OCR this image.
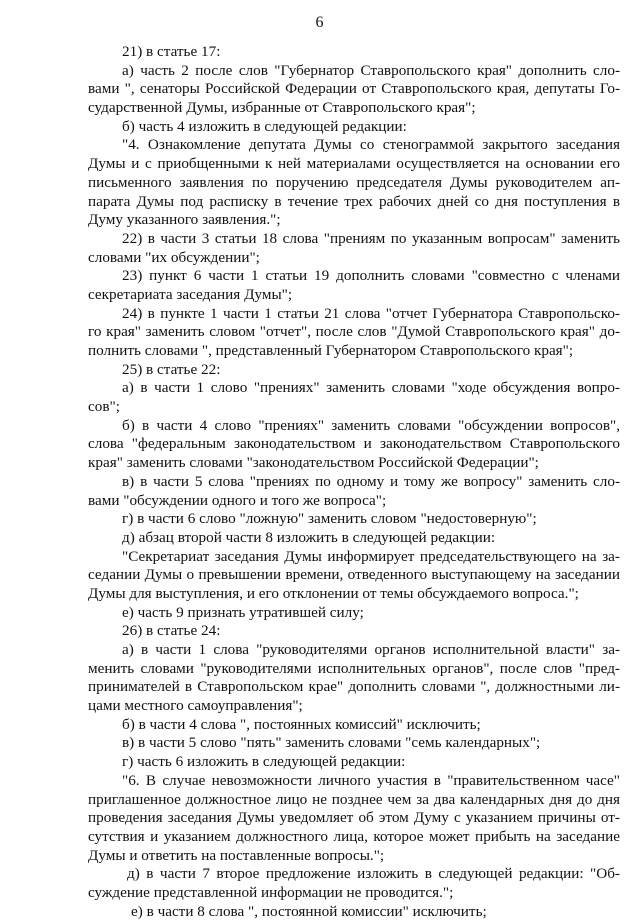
6
21) в статье 17:
а) часть 2 после слов "Губернатор Ставропольского края" дополнить сло-
вами ", сенаторы Российской Федерации от Ставропольского края, депутаты Го-
сударственной Думы, избранные от Ставропольского края";
б) часть 4 изложить в следующей редакции:
"4. Ознакомление депутата Думы со стенограммой закрытого заседания
Думы и с приобщенными к ней материалами осуществляется на основании его
письменного заявления по поручению председателя Думы руководителем ап-
парата Думы под расписку в течение трех рабочих дней со дня поступления в
Думу указанного заявления.";
22) в части 3 статьи 18 слова "прениям по указанным вопросам" заменить
словами "их обсуждении";
23) пункт 6 части 1 статьи 19 дополнить словами "совместно с членами
секретариата заседания Думы";
24) в пункте 1 части 1 статьи 21 слова "отчет Губернатора Ставропольско-
го края" заменить словом "отчет", после слов "Думой Ставропольского края" до-
полнить словами ", представленный Губернатором Ставропольского края";
25) в статье 22:
а) в части 1 слово "прениях" заменить словами "ходе обсуждения вопро-
сов";
б) в части 4 слово "прениях" заменить словами "обсуждении вопросов",
слова "федеральным законодательством и законодательством Ставропольского
края" заменить словами "законодательством Российской Федерации";
в) в части 5 слова "прениях по одному и тому же вопросу" заменить сло-
вами "обсуждении одного и того же вопроса";
г) в части 6 слово "ложную" заменить словом "недостоверную";
д) абзац второй части 8 изложить в следующей редакции:
"Секретариат заседания Думы информирует председательствующего на за-
седании Думы о превышении времени, отведенного выступающему на заседании
Думы для выступления, и его отклонении от темы обсуждаемого вопроса.";
е) часть 9 признать утратившей силу;
26) в статье 24:
а) в части 1 слова "руководителями органов исполнительной власти" за-
менить словами "руководителями исполнительных органов", после слов "пред-
принимателей в Ставропольском крае" дополнить словами ", должностными ли-
цами местного самоуправления";
б) в части 4 слова ", постоянных комиссий" исключить;
в) в части 5 слово "пять" заменить словами "семь календарных";
г) часть 6 изложить в следующей редакции:
"6. В случае невозможности личного участия в "правительственном часе"
приглашенное должностное лицо не позднее чем за два календарных дня до дня
проведения заседания Думы уведомляет об этом Думу с указанием причины от-
сутствия и указанием должностного лица, которое может прибыть на заседание
Думы и ответить на поставленные вопросы.";
д) в части 7 второе предложение изложить в следующей редакции: "Об-
суждение представленной информации не проводится.";
е) в части 8 слова ", постоянной комиссии" исключить;
